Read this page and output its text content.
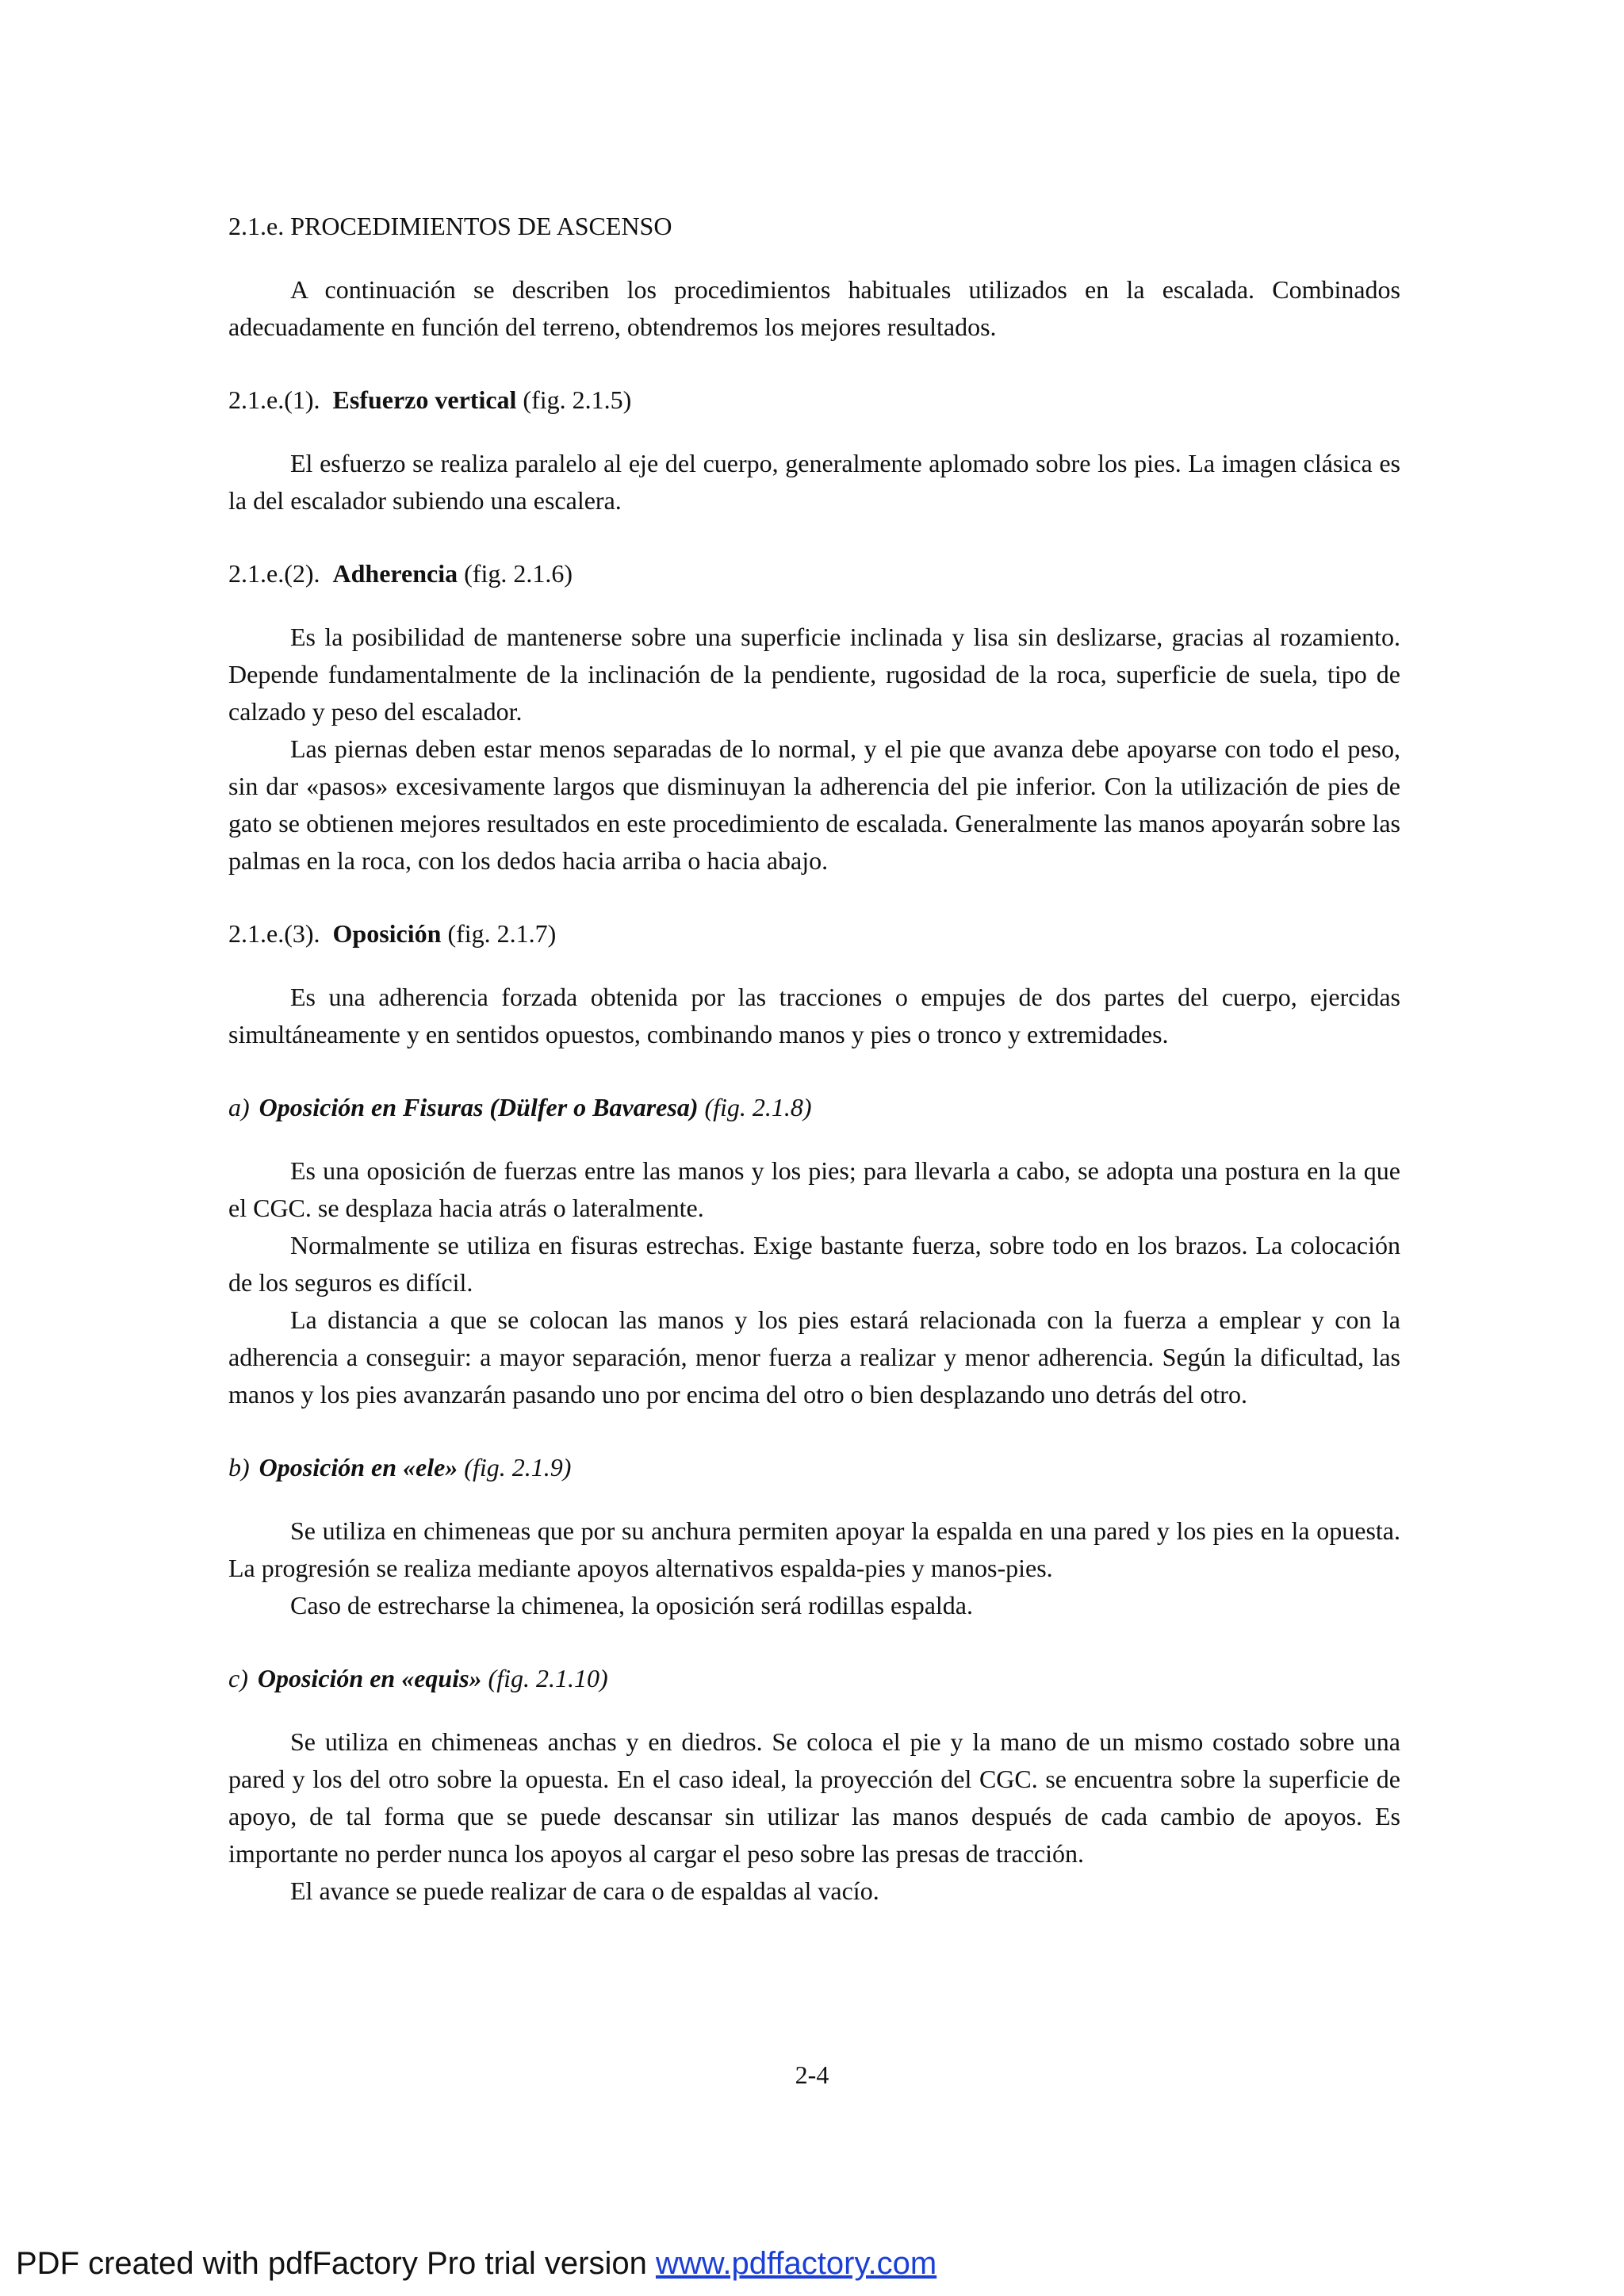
2.1.e. PROCEDIMIENTOS DE ASCENSO

A continuación se describen los procedimientos habituales utilizados en la escalada. Combinados adecuadamente en función del terreno, obtendremos los mejores resultados.

2.1.e.(1). Esfuerzo vertical (fig. 2.1.5)

El esfuerzo se realiza paralelo al eje del cuerpo, generalmente aplomado sobre los pies. La imagen clásica es la del escalador subiendo una escalera.

2.1.e.(2). Adherencia (fig. 2.1.6)

Es la posibilidad de mantenerse sobre una superficie inclinada y lisa sin deslizarse, gracias al rozamiento. Depende fundamentalmente de la inclinación de la pendiente, rugosidad de la roca, superficie de suela, tipo de calzado y peso del escalador.

Las piernas deben estar menos separadas de lo normal, y el pie que avanza debe apoyarse con todo el peso, sin dar «pasos» excesivamente largos que disminuyan la adherencia del pie inferior. Con la utilización de pies de gato se obtienen mejores resultados en este procedimiento de escalada. Generalmente las manos apoyarán sobre las palmas en la roca, con los dedos hacia arriba o hacia abajo.

2.1.e.(3). Oposición (fig. 2.1.7)

Es una adherencia forzada obtenida por las tracciones o empujes de dos partes del cuerpo, ejercidas simultáneamente y en sentidos opuestos, combinando manos y pies o tronco y extremidades.

a) Oposición en Fisuras (Dülfer o Bavaresa) (fig. 2.1.8)

Es una oposición de fuerzas entre las manos y los pies; para llevarla a cabo, se adopta una postura en la que el CGC. se desplaza hacia atrás o lateralmente.

Normalmente se utiliza en fisuras estrechas. Exige bastante fuerza, sobre todo en los brazos. La colocación de los seguros es difícil.

La distancia a que se colocan las manos y los pies estará relacionada con la fuerza a emplear y con la adherencia a conseguir: a mayor separación, menor fuerza a realizar y menor adherencia. Según la dificultad, las manos y los pies avanzarán pasando uno por encima del otro o bien desplazando uno detrás del otro.

b) Oposición en «ele» (fig. 2.1.9)

Se utiliza en chimeneas que por su anchura permiten apoyar la espalda en una pared y los pies en la opuesta. La progresión se realiza mediante apoyos alternativos espalda-pies y manos-pies.

Caso de estrecharse la chimenea, la oposición será rodillas espalda.

c) Oposición en «equis» (fig. 2.1.10)

Se utiliza en chimeneas anchas y en diedros. Se coloca el pie y la mano de un mismo costado sobre una pared y los del otro sobre la opuesta. En el caso ideal, la proyección del CGC. se encuentra sobre la superficie de apoyo, de tal forma que se puede descansar sin utilizar las manos después de cada cambio de apoyos. Es importante no perder nunca los apoyos al cargar el peso sobre las presas de tracción.

El avance se puede realizar de cara o de espaldas al vacío.

2-4
PDF created with pdfFactory Pro trial version www.pdffactory.com
